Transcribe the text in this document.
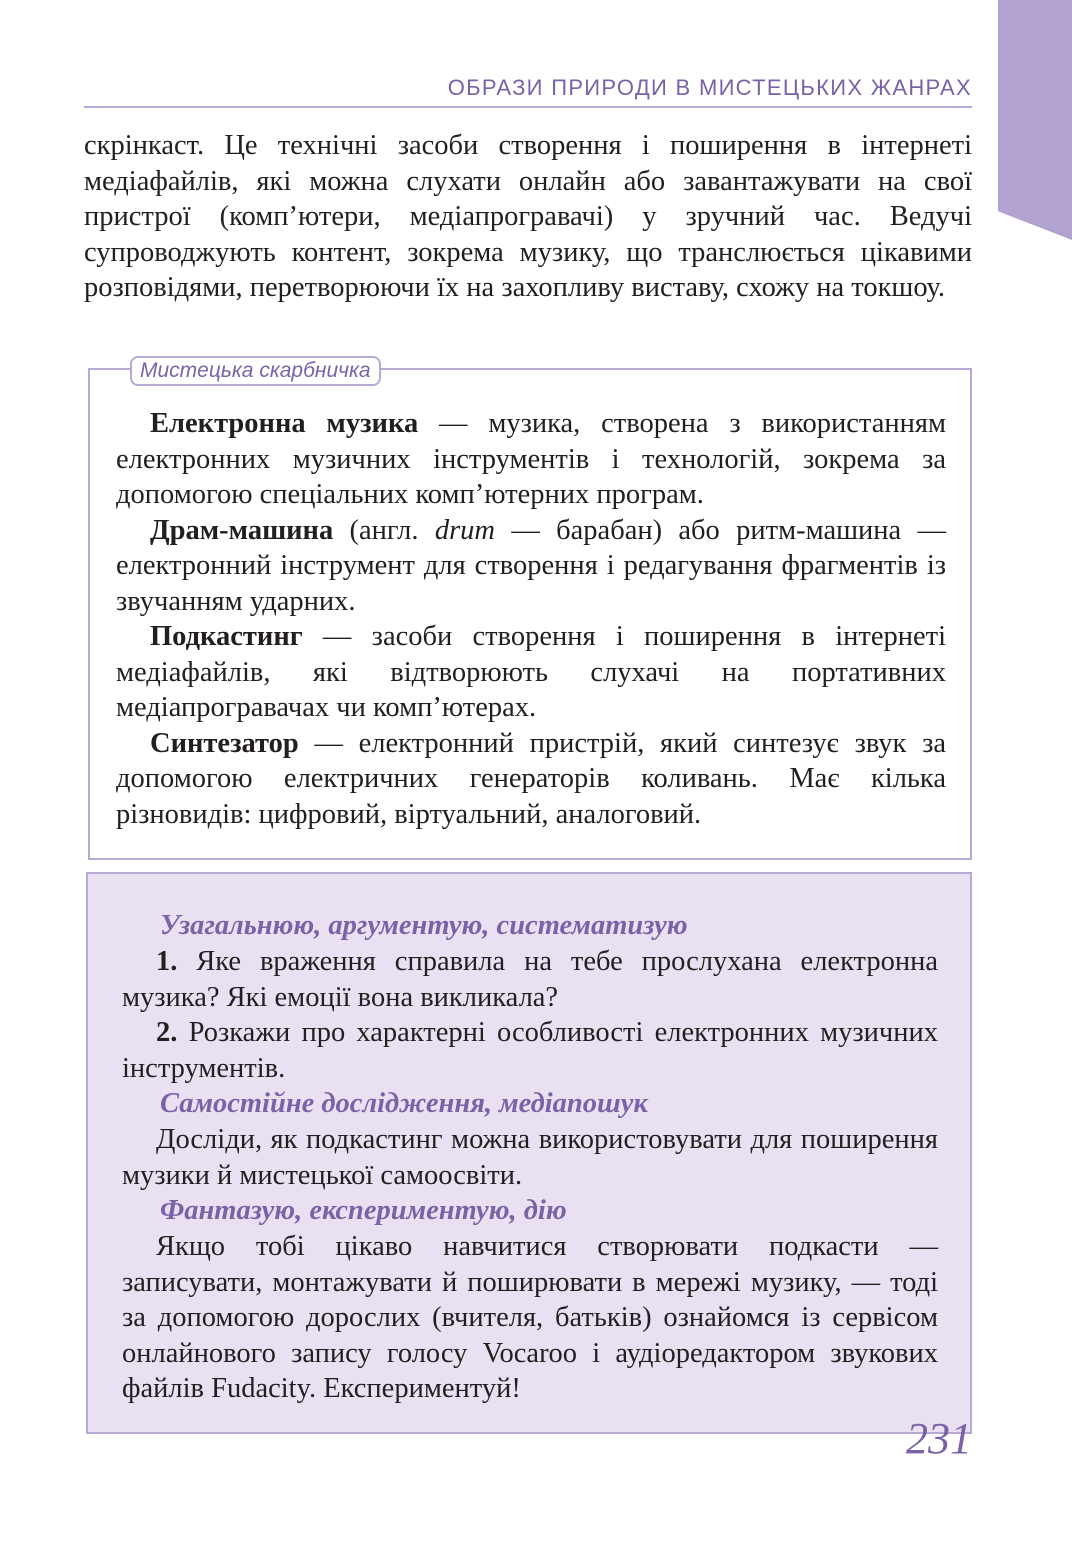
ОБРАЗИ ПРИРОДИ В МИСТЕЦЬКИХ ЖАНРАХ

скрінкаст. Це технічні засоби створення і поширення в інтернеті медіафайлів, які можна слухати онлайн або завантажувати на свої пристрої (комп’ютери, медіапрогравачі) у зручний час. Ведучі супроводжують контент, зокрема музику, що транслюється цікавими розповідями, перетворюючи їх на захопливу виставу, схожу на токшоу.

Мистецька скарбничка

Електронна музика — музика, створена з використанням електронних музичних інструментів і технологій, зокрема за допомогою спеціальних комп’ютерних програм.

Драм-машина (англ. drum — барабан) або ритм-машина — електронний інструмент для створення і редагування фрагментів із звучанням ударних.

Подкастинг — засоби створення і поширення в інтернеті медіафайлів, які відтворюють слухачі на портативних медіапрогравачах чи комп’ютерах.

Синтезатор — електронний пристрій, який синтезує звук за допомогою електричних генераторів коливань. Має кілька різновидів: цифровий, віртуальний, аналоговий.

Узагальнюю, аргументую, систематизую

1. Яке враження справила на тебе прослухана електронна музика? Які емоції вона викликала?

2. Розкажи про характерні особливості електронних музичних інструментів.

Самостійне дослідження, медіапошук

Досліди, як подкастинг можна використовувати для поширення музики й мистецької самоосвіти.

Фантазую, експериментую, дію

Якщо тобі цікаво навчитися створювати подкасти — записувати, монтажувати й поширювати в мережі музику, — тоді за допомогою дорослих (вчителя, батьків) ознайомся із сервісом онлайнового запису голосу Vocaroo і аудіоредактором звукових файлів Fudacity. Експериментуй!

231
